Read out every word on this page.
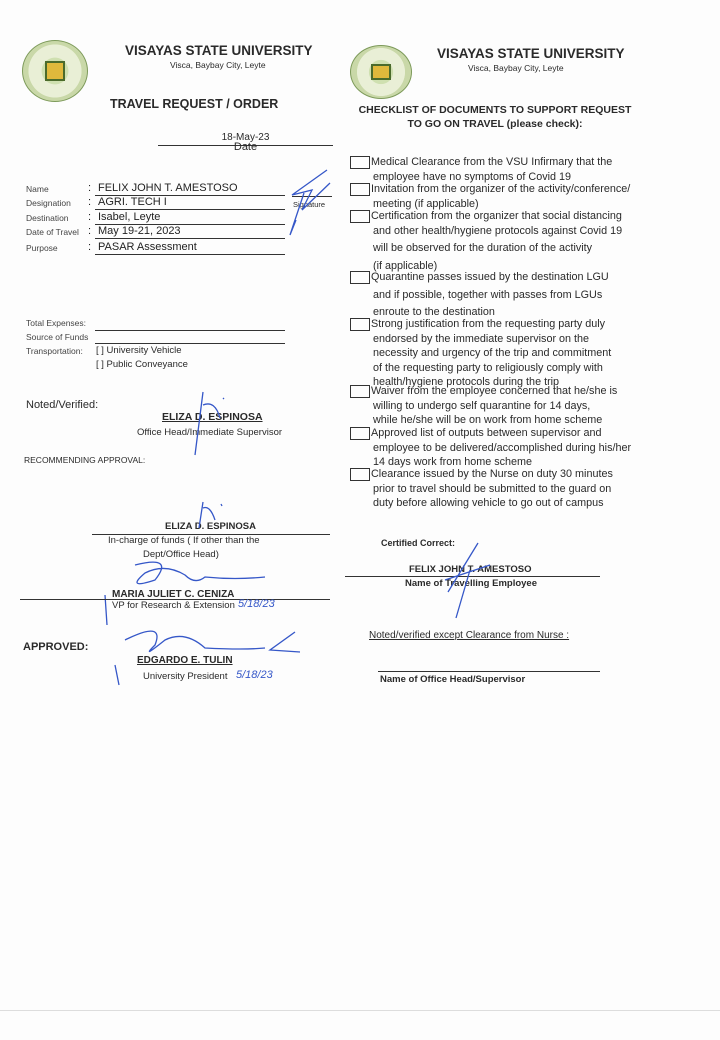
VISAYAS STATE UNIVERSITY
Visca, Baybay City, Leyte
TRAVEL REQUEST / ORDER
18-May-23
Date
Name	: FELIX JOHN T. AMESTOSO
Designation : AGRI. TECH I
Destination : Isabel, Leyte
Date of Travel : May 19-21, 2023
Purpose	: PASAR Assessment
Signature
Total Expenses:
Source of Funds
Transportation: [ ] University Vehicle
[ ] Public Conveyance
Noted/Verified:
ELIZA D. ESPINOSA
Office Head/Immediate Supervisor
RECOMMENDING APPROVAL:
ELIZA D. ESPINOSA
In-charge of funds ( If other than the
Dept/Office Head)
MARIA JULIET C. CENIZA
VP for Research & Extension 5/18/23
APPROVED:
EDGARDO E. TULIN
University President 5/18/23
VISAYAS STATE UNIVERSITY
Visca, Baybay City, Leyte
CHECKLIST OF DOCUMENTS TO SUPPORT REQUEST
TO GO ON TRAVEL (please check):
Medical Clearance from the VSU Infirmary that the
employee have no symptoms of Covid 19
Invitation from the organizer of the activity/conference/
meeting (if applicable)
Certification from the organizer that social distancing
and other health/hygiene protocols against Covid 19
will be observed for the duration of the activity
(if applicable)
Quarantine passes issued by the destination LGU
and if possible, together with passes from LGUs
enroute to the destination
Strong justification from the requesting party duly
endorsed by the immediate supervisor on the
necessity and urgency of the trip and commitment
of the requesting party to religiously comply with
health/hygiene protocols during the trip
Waiver from the employee concerned that he/she is
willing to undergo self quarantine for 14 days,
while he/she will be on work from home scheme
Approved list of outputs between supervisor and
employee to be delivered/accomplished during his/her
14 days work from home scheme
Clearance issued by the Nurse on duty 30 minutes
prior to travel should be submitted to the guard on
duty before allowing vehicle to go out of campus
Certified Correct:
FELIX JOHN T. AMESTOSO
Name of Travelling Employee
Noted/verified except Clearance from Nurse :
Name of Office Head/Supervisor
